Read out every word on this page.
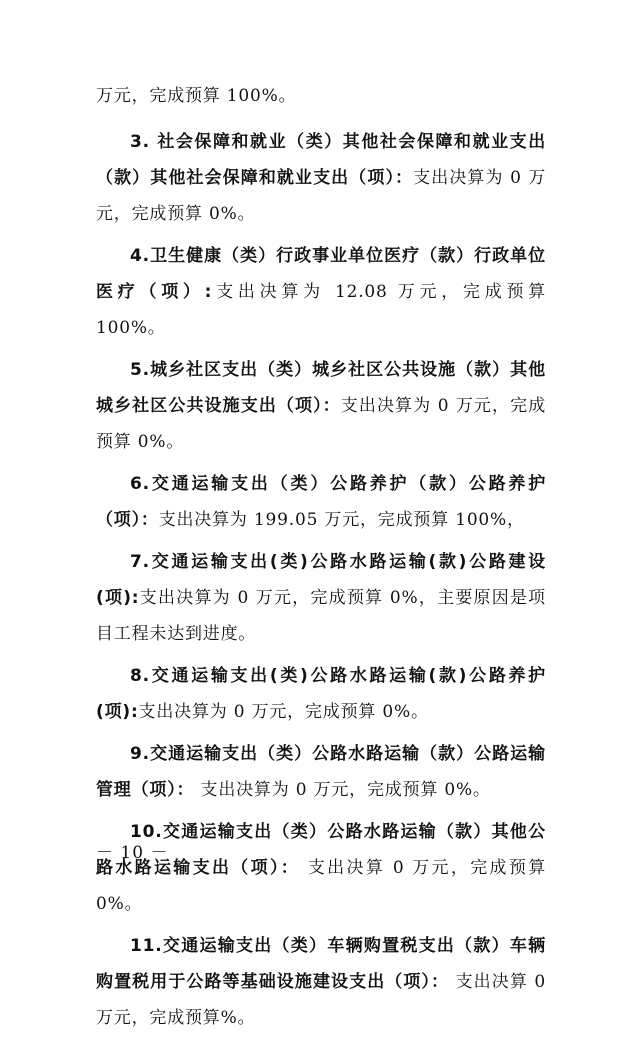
万元，完成预算 100%。

3. 社会保障和就业（类）其他社会保障和就业支出（款）其他社会保障和就业支出（项）：支出决算为 0 万元，完成预算 0%。

4.卫生健康（类）行政事业单位医疗（款）行政单位医疗（项）:支出决算为 12.08 万元，完成预算 100%。

5.城乡社区支出（类）城乡社区公共设施（款）其他城乡社区公共设施支出（项）：支出决算为 0 万元，完成预算 0%。

6.交通运输支出（类）公路养护（款）公路养护（项）：支出决算为 199.05 万元，完成预算 100%，

7.交通运输支出(类)公路水路运输(款)公路建设(项):支出决算为 0 万元，完成预算 0%，主要原因是项目工程未达到进度。

8.交通运输支出(类)公路水路运输(款)公路养护(项):支出决算为 0 万元，完成预算 0%。

9.交通运输支出（类）公路水路运输（款）公路运输管理（项）： 支出决算为 0 万元，完成预算 0%。

10.交通运输支出（类）公路水路运输（款）其他公路水路运输支出（项）： 支出决算 0 万元，完成预算 0%。

11.交通运输支出（类）车辆购置税支出（款）车辆购置税用于公路等基础设施建设支出（项）： 支出决算 0 万元，完成预算%。

－ 10 －
